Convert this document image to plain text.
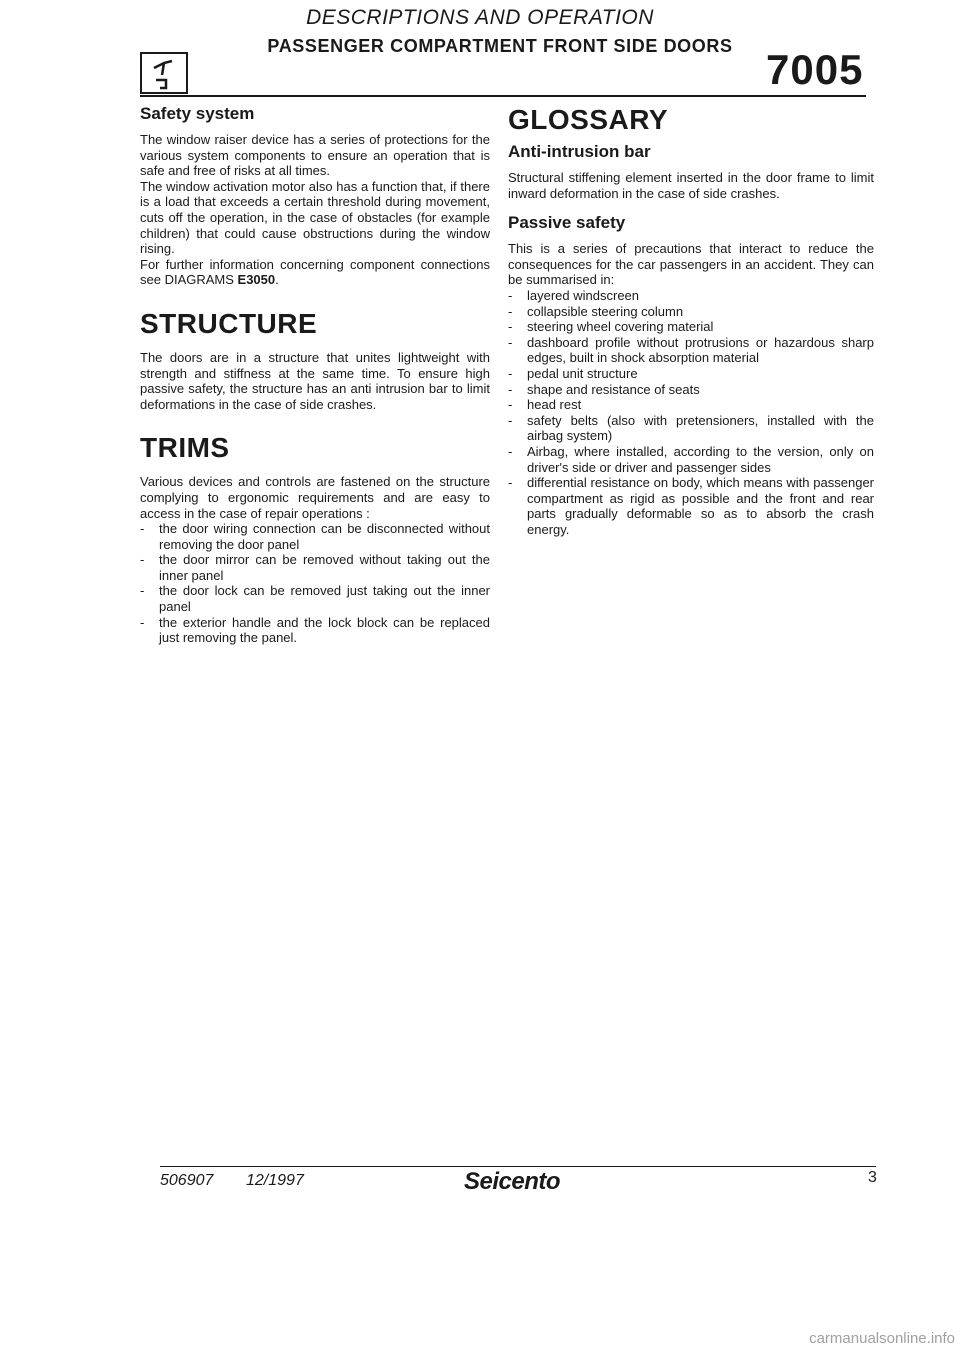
DESCRIPTIONS AND OPERATION
PASSENGER COMPARTMENT FRONT SIDE DOORS 7005
Safety system

The window raiser device has a series of protections for the various system components to ensure an operation that is safe and free of risks at all times.
The window activation motor also has a function that, if there is a load that exceeds a certain threshold during movement, cuts off the operation, in the case of obstacles (for example children) that could cause obstructions during the window rising.
For further information concerning component connections see DIAGRAMS E3050.

STRUCTURE

The doors are in a structure that unites lightweight with strength and stiffness at the same time. To ensure high passive safety, the structure has an anti intrusion bar to limit deformations in the case of side crashes.

TRIMS

Various devices and controls are fastened on the structure complying to ergonomic requirements and are easy to access in the case of repair operations :

- the door wiring connection can be disconnected without removing the door panel
- the door mirror can be removed without taking out the inner panel
- the door lock can be removed just taking out the inner panel
- the exterior handle and the lock block can be replaced just removing the panel.
GLOSSARY
Anti-intrusion bar

Structural stiffening element inserted in the door frame to limit inward deformation in the case of side crashes.

Passive safety

This is a series of precautions that interact to reduce the consequences for the car passengers in an accident. They can be summarised in:

- layered windscreen
- collapsible steering column
- steering wheel covering material
- dashboard profile without protrusions or hazardous sharp edges, built in shock absorption material
- pedal unit structure
- shape and resistance of seats
- head rest
- safety belts (also with pretensioners, installed with the airbag system)
- Airbag, where installed, according to the version, only on driver's side or driver and passenger sides
- differential resistance on body, which means with passenger compartment as rigid as possible and the front and rear parts gradually deformable so as to absorb the crash energy.
506907 12/1997	Seicento	3
carmanualsonline.info
